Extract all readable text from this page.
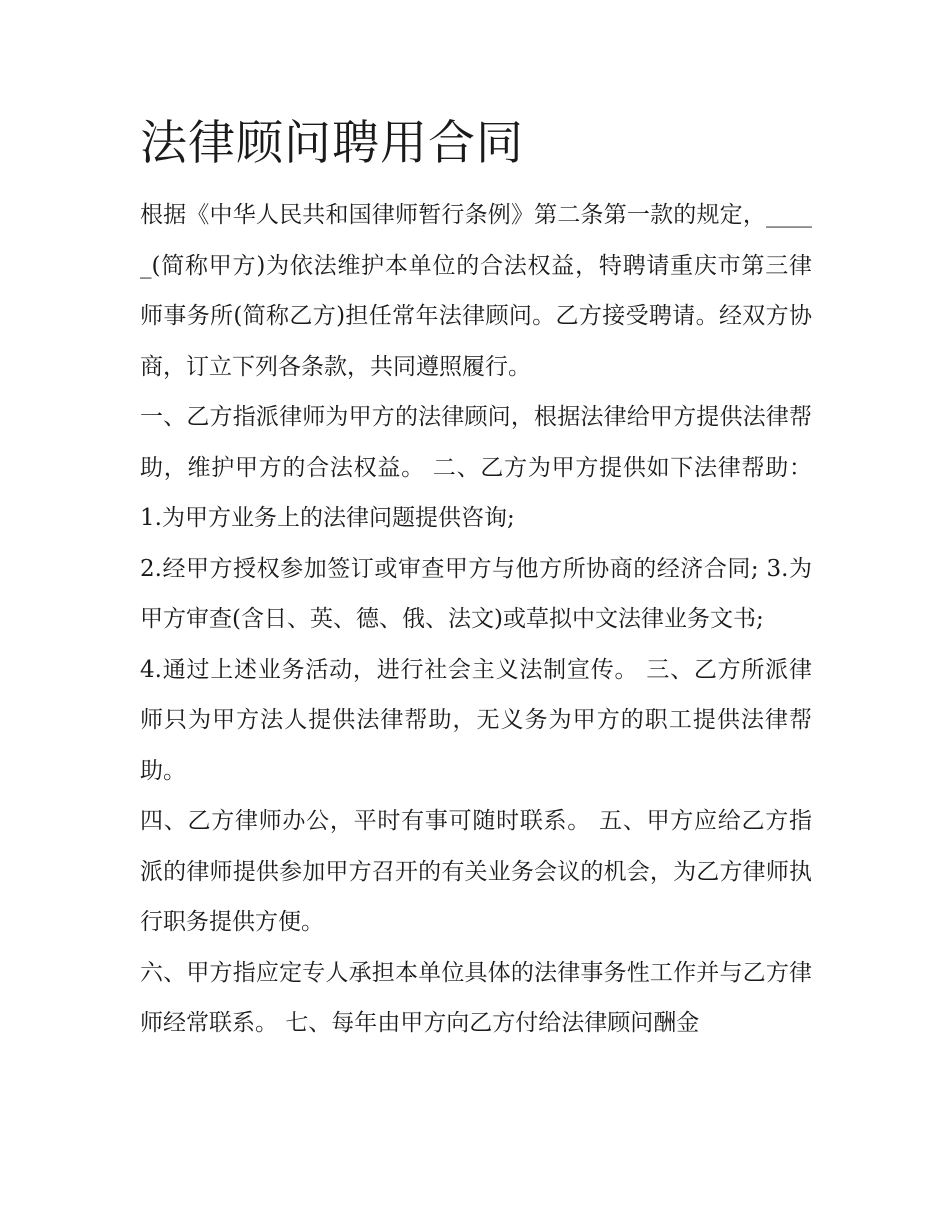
法律顾问聘用合同

根据《中华人民共和国律师暂行条例》第二条第一款的规定，_____(简称甲方)为依法维护本单位的合法权益，特聘请重庆市第三律师事务所(简称乙方)担任常年法律顾问。乙方接受聘请。经双方协商，订立下列各条款，共同遵照履行。

一、乙方指派律师为甲方的法律顾问，根据法律给甲方提供法律帮助，维护甲方的合法权益。 二、乙方为甲方提供如下法律帮助： 1.为甲方业务上的法律问题提供咨询;

2.经甲方授权参加签订或审查甲方与他方所协商的经济合同; 3.为甲方审查(含日、英、德、俄、法文)或草拟中文法律业务文书;

4.通过上述业务活动，进行社会主义法制宣传。 三、乙方所派律师只为甲方法人提供法律帮助，无义务为甲方的职工提供法律帮助。

四、乙方律师办公，平时有事可随时联系。 五、甲方应给乙方指派的律师提供参加甲方召开的有关业务会议的机会，为乙方律师执行职务提供方便。

六、甲方指应定专人承担本单位具体的法律事务性工作并与乙方律师经常联系。 七、每年由甲方向乙方付给法律顾问酬金
